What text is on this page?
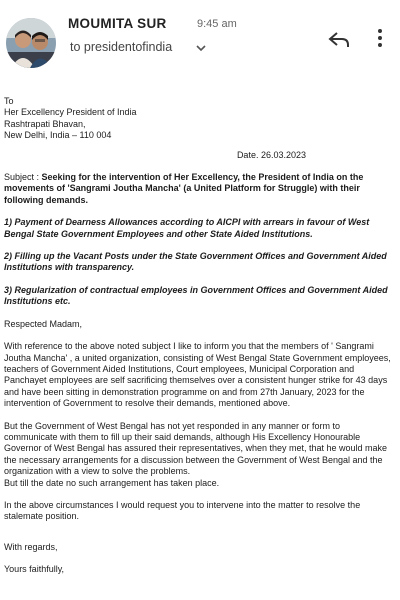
MOUMITA SUR	9:45 am
to presidentofindia

To

Her Excellency President of India

Rashtrapati Bhavan,

New Delhi, India – 110 004

Date. 26.03.2023

Subject : Seeking for the intervention of Her Excellency, the President of India on the movements of 'Sangrami Joutha Mancha' (a United Platform for Struggle) with their following demands.

1) Payment of Dearness Allowances according to AICPI with arrears in favour of West Bengal State Government Employees and other State Aided Institutions.

2) Filling up the Vacant Posts under the State Government Offices and Government Aided Institutions with transparency.

3) Regularization of contractual employees in Government Offices and Government Aided Institutions etc.

Respected Madam,

With reference to the above noted subject I like to inform you that the members of ' Sangrami Joutha Mancha' , a united organization, consisting of West Bengal State Government employees, teachers of Government Aided Institutions, Court employees, Municipal Corporation and Panchayet employees are self sacrificing themselves over a consistent hunger strike for 43 days and have been sitting in demonstration programme on and from 27th January, 2023 for the intervention of Government to resolve their demands, mentioned above.

But the Government of West Bengal has not yet responded in any manner or form to communicate with them to fill up their said demands, although His Excellency Honourable Governor of West Bengal has assured their representatives, when they met, that he would make the necessary arrangements for a discussion between the Government of West Bengal and the organization with a view to solve the problems.

But till the date no such arrangement has taken place.

In the above circumstances I would request you to intervene into the matter to resolve the stalemate position.

With regards,

Yours faithfully,
